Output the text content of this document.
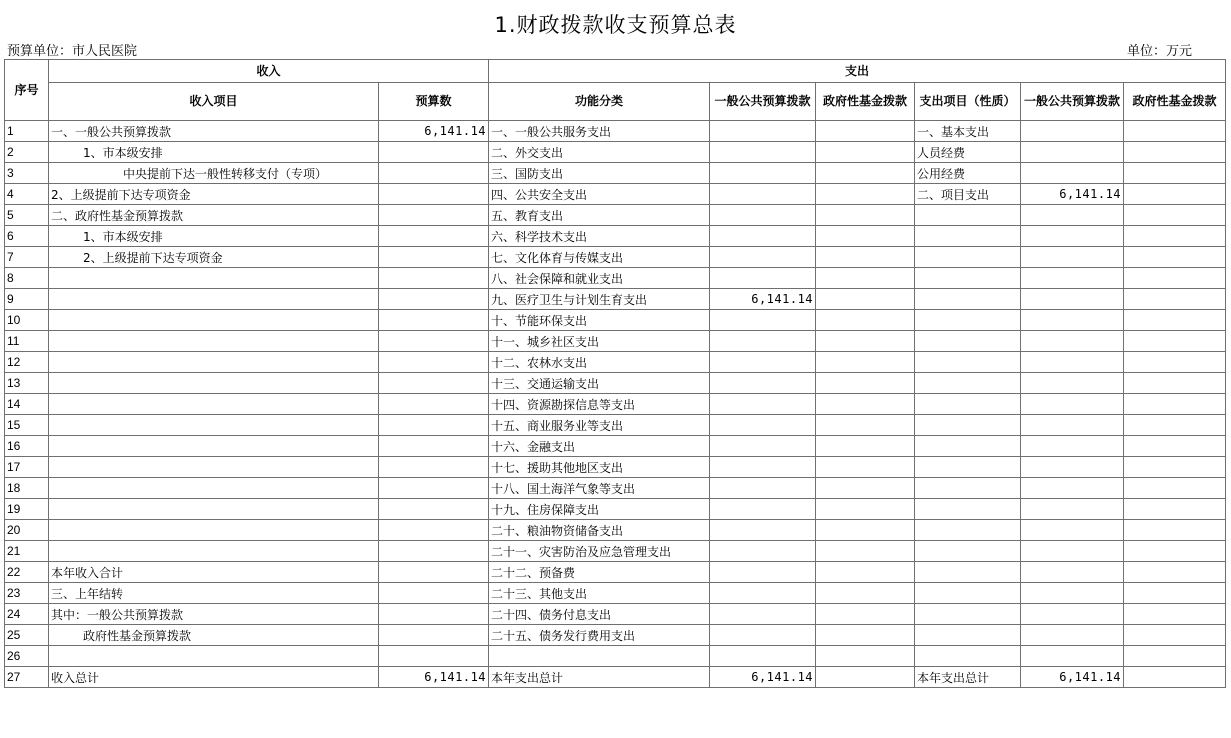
1.财政拨款收支预算总表
预算单位：市人民医院	单位：万元
序号	收入		支出					
	收入项目	预算数	功能分类	一般公共预算拨款	政府性基金拨款	支出项目（性质）	一般公共预算拨款	政府性基金拨款
1	一、一般公共预算拨款	6,141.14	一、一般公共服务支出			一、基本支出		
2	1、市本级安排		二、外交支出			人员经费		
3	中央提前下达一般性转移支付（专项）		三、国防支出			公用经费		
4	2、上级提前下达专项资金		四、公共安全支出			二、项目支出	6,141.14	
5	二、政府性基金预算拨款		五、教育支出					
6	1、市本级安排		六、科学技术支出					
7	2、上级提前下达专项资金		七、文化体育与传媒支出					
8			八、社会保障和就业支出					
9			九、医疗卫生与计划生育支出	6,141.14				
10			十、节能环保支出					
11			十一、城乡社区支出					
12			十二、农林水支出					
13			十三、交通运输支出					
14			十四、资源勘探信息等支出					
15			十五、商业服务业等支出					
16			十六、金融支出					
17			十七、援助其他地区支出					
18			十八、国土海洋气象等支出					
19			十九、住房保障支出					
20			二十、粮油物资储备支出					
21			二十一、灾害防治及应急管理支出					
22	本年收入合计		二十二、预备费					
23	三、上年结转		二十三、其他支出					
24	其中：一般公共预算拨款		二十四、债务付息支出					
25	政府性基金预算拨款		二十五、债务发行费用支出					
26								
27	收入总计	6,141.14	本年支出总计	6,141.14		本年支出总计	6,141.14	
